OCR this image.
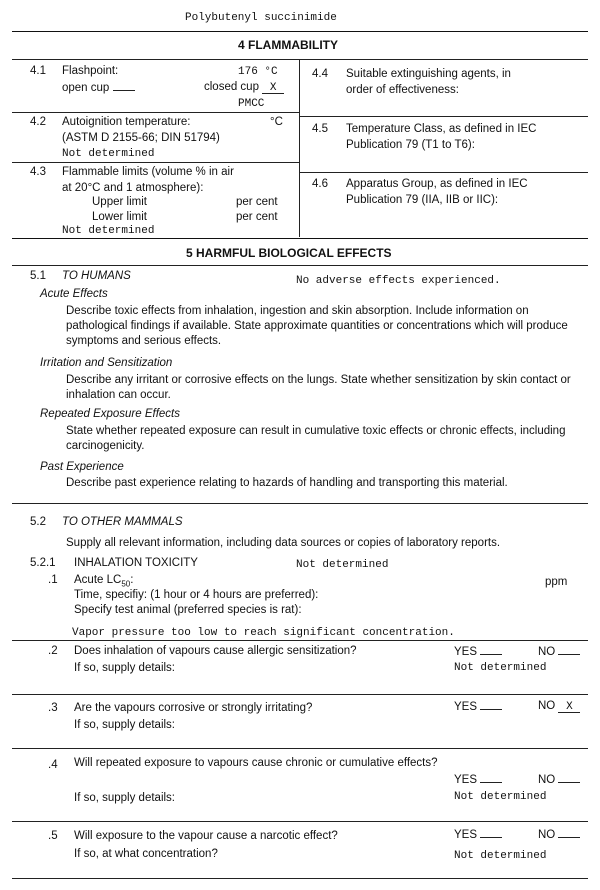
Polybutenyl succinimide
4 FLAMMABILITY
4.1 Flashpoint:	176 °C
open cup	closed cup X
PMCC
4.2 Autoignition temperature:	°C
(ASTM D 2155-66; DIN 51794)
Not determined
4.3 Flammable limits (volume % in air
at 20°C and 1 atmosphere):
Upper limit	per cent
Lower limit	per cent
Not determined
4.4 Suitable extinguishing agents, in
order of effectiveness:
4.5 Temperature Class, as defined in IEC
Publication 79 (T1 to T6):
4.6 Apparatus Group, as defined in IEC
Publication 79 (IIA, IIB or IIC):
5 HARMFUL BIOLOGICAL EFFECTS
5.1 TO HUMANS	No adverse effects experienced.
Acute Effects
Describe toxic effects from inhalation, ingestion and skin absorption. Include information on pathological findings if available. State approximate quantities or concentrations which will produce symptoms and serious effects.
Irritation and Sensitization
Describe any irritant or corrosive effects on the lungs. State whether sensitization by skin contact or inhalation can occur.
Repeated Exposure Effects
State whether repeated exposure can result in cumulative toxic effects or chronic effects, including carcinogenicity.
Past Experience
Describe past experience relating to hazards of handling and transporting this material.
5.2 TO OTHER MAMMALS
Supply all relevant information, including data sources or copies of laboratory reports.
5.2.1 INHALATION TOXICITY	Not determined
.1 Acute $LC_{50}$:	ppm
Time, specifiy: (1 hour or 4 hours are preferred):
Specify test animal (preferred species is rat):
Vapor pressure too low to reach significant concentration.
.2 Does inhalation of vapours cause allergic sensitization?	YES	NO
If so, supply details:	Not determined
.3 Are the vapours corrosive or strongly irritating?	YES	NO X
If so, supply details:
.4 Will repeated exposure to vapours cause chronic or cumulative effects?
YES	NO
If so, supply details:	Not determined
.5 Will exposure to the vapour cause a narcotic effect?	YES	NO
If so, at what concentration?	Not determined
